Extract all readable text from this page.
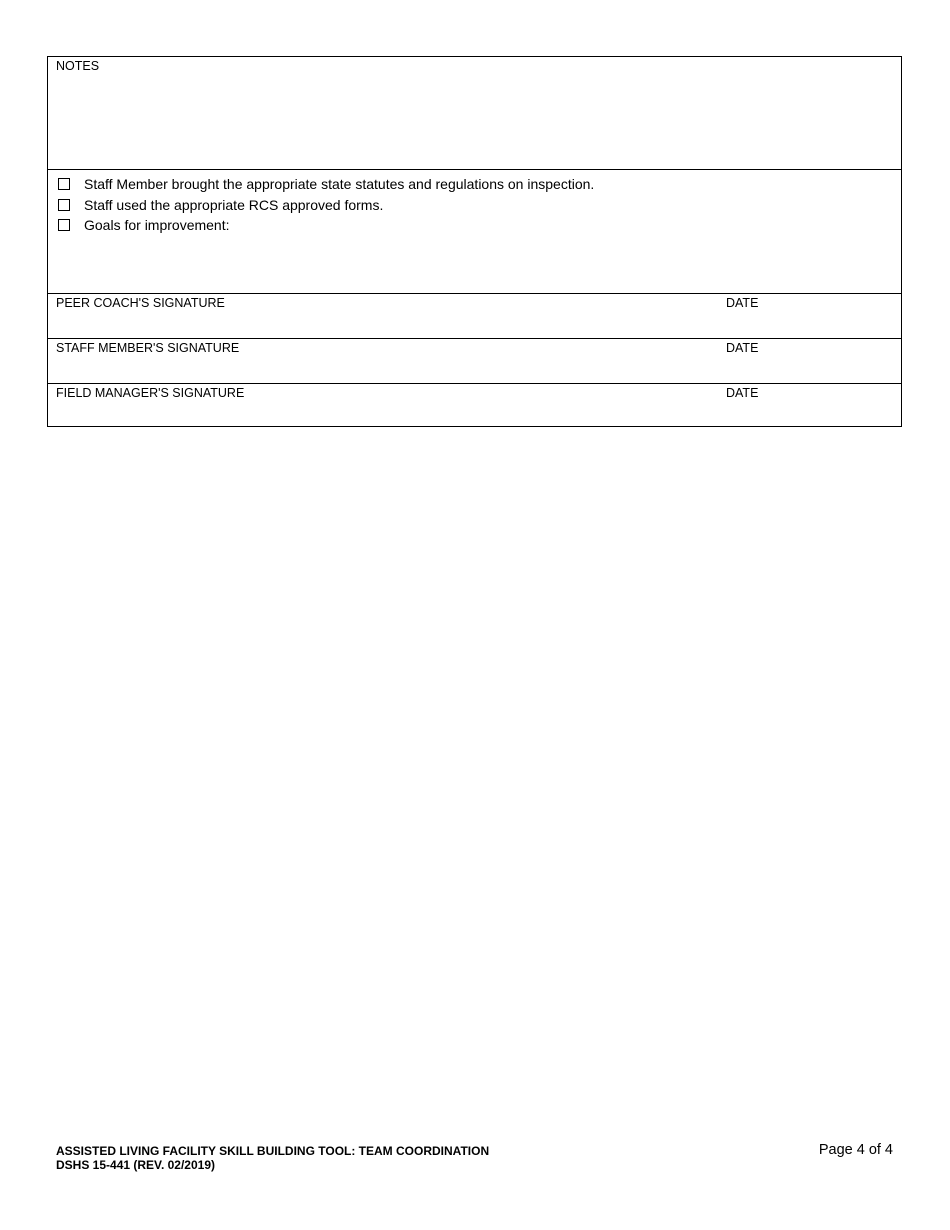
NOTES
Staff Member brought the appropriate state statutes and regulations on inspection.
Staff used the appropriate RCS approved forms.
Goals for improvement:
PEER COACH'S SIGNATURE	DATE
STAFF MEMBER'S SIGNATURE	DATE
FIELD MANAGER'S SIGNATURE	DATE
ASSISTED LIVING FACILITY SKILL BUILDING TOOL: TEAM COORDINATION
DSHS 15-441 (REV. 02/2019)
Page 4 of 4
